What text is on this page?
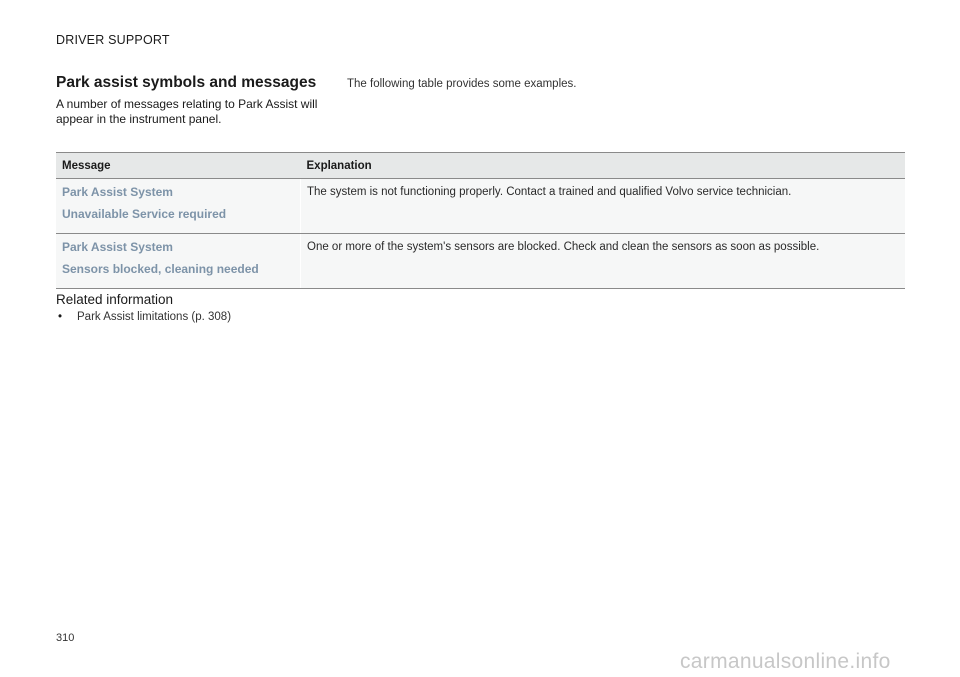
DRIVER SUPPORT
Park assist symbols and messages

A number of messages relating to Park Assist will appear in the instrument panel.

The following table provides some examples.

Message	Explanation

Park Assist System
Unavailable Service required	The system is not functioning properly. Contact a trained and qualified Volvo service technician.

Park Assist System
Sensors blocked, cleaning needed	One or more of the system's sensors are blocked. Check and clean the sensors as soon as possible.
Related information
• Park Assist limitations (p. 308)
310
carmanualsonline.info
